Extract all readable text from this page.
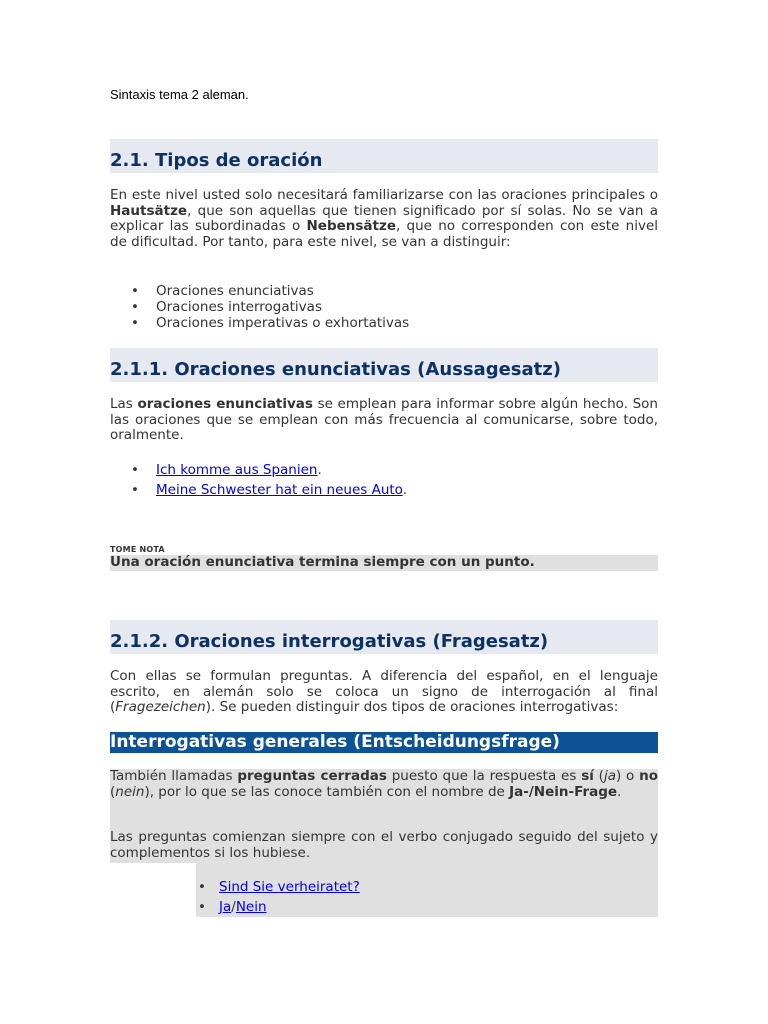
Sintaxis tema 2 aleman.
2.1. Tipos de oración

En este nivel usted solo necesitará familiarizarse con las oraciones principales o Hautsätze, que son aquellas que tienen significado por sí solas. No se van a explicar las subordinadas o Nebensätze, que no corresponden con este nivel de dificultad. Por tanto, para este nivel, se van a distinguir:

• Oraciones enunciativas
• Oraciones interrogativas
• Oraciones imperativas o exhortativas
2.1.1. Oraciones enunciativas (Aussagesatz)

Las oraciones enunciativas se emplean para informar sobre algún hecho. Son las oraciones que se emplean con más frecuencia al comunicarse, sobre todo, oralmente.

• Ich komme aus Spanien.
• Meine Schwester hat ein neues Auto.
TOME NOTA
Una oración enunciativa termina siempre con un punto.
2.1.2. Oraciones interrogativas (Fragesatz)

Con ellas se formulan preguntas. A diferencia del español, en el lenguaje escrito, en alemán solo se coloca un signo de interrogación al final (Fragezeichen). Se pueden distinguir dos tipos de oraciones interrogativas:

Interrogativas generales (Entscheidungsfrage)

También llamadas preguntas cerradas puesto que la respuesta es sí (ja) o no (nein), por lo que se las conoce también con el nombre de Ja-/Nein-Frage.

Las preguntas comienzan siempre con el verbo conjugado seguido del sujeto y complementos si los hubiese.

• Sind Sie verheiratet?
• Ja/Nein
